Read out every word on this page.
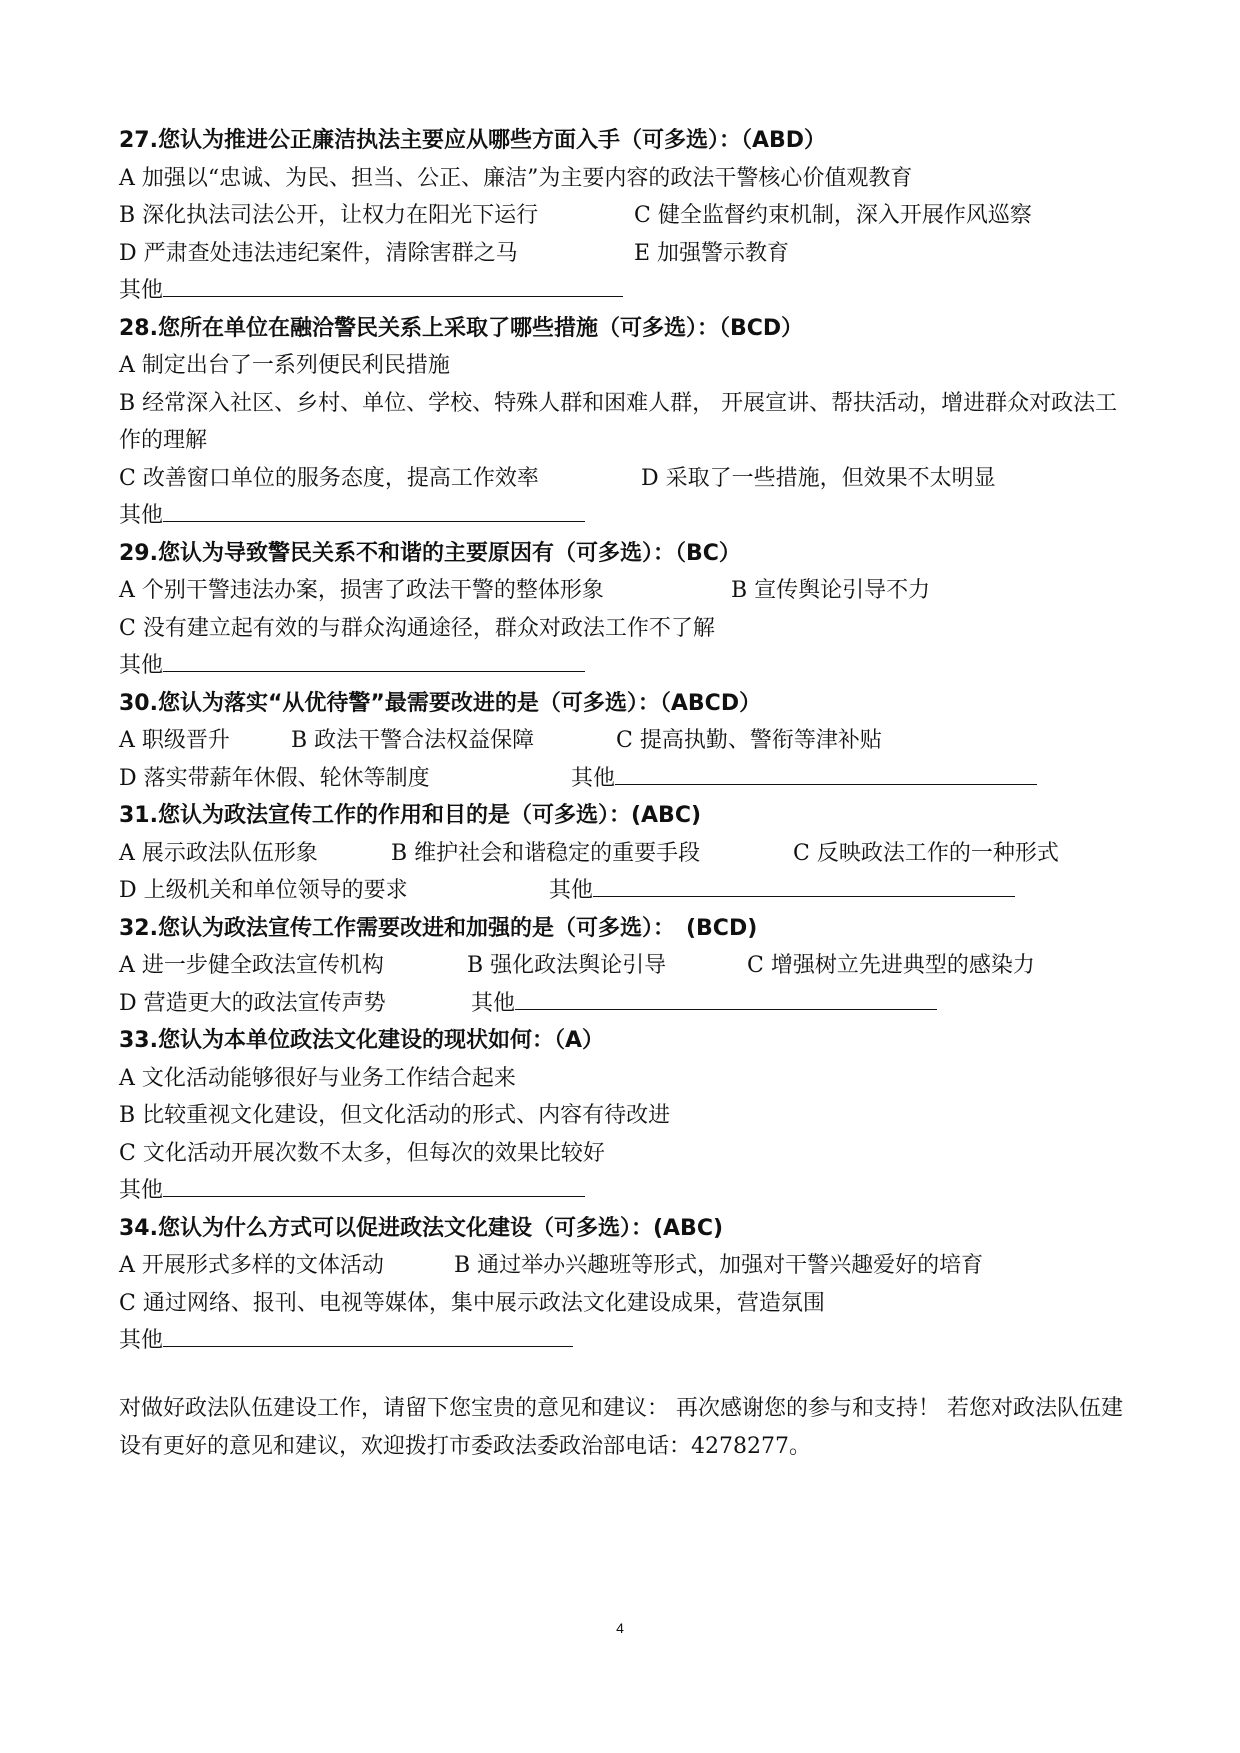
27.您认为推进公正廉洁执法主要应从哪些方面入手（可多选）：（ABD）
A 加强以“忠诚、为民、担当、公正、廉洁”为主要内容的政法干警核心价值观教育
B 深化执法司法公开，让权力在阳光下运行	C 健全监督约束机制，深入开展作风巡察
D 严肃查处违法违纪案件，清除害群之马	E 加强警示教育
其他
28.您所在单位在融洽警民关系上采取了哪些措施（可多选）：（BCD）
A 制定出台了一系列便民利民措施
B 经常深入社区、乡村、单位、学校、特殊人群和困难人群， 开展宣讲、帮扶活动，增进群众对政法工作的理解
C 改善窗口单位的服务态度，提高工作效率	D 采取了一些措施，但效果不太明显
其他
29.您认为导致警民关系不和谐的主要原因有（可多选）：（BC）
A 个别干警违法办案，损害了政法干警的整体形象	B 宣传舆论引导不力
C 没有建立起有效的与群众沟通途径，群众对政法工作不了解
其他
30.您认为落实“从优待警”最需要改进的是（可多选）：（ABCD）
A 职级晋升	B 政法干警合法权益保障	C 提高执勤、警衔等津补贴
D 落实带薪年休假、轮休等制度	其他
31.您认为政法宣传工作的作用和目的是（可多选）：(ABC)
A 展示政法队伍形象	B 维护社会和谐稳定的重要手段	C 反映政法工作的一种形式
D 上级机关和单位领导的要求	其他
32.您认为政法宣传工作需要改进和加强的是（可多选）：　(BCD)
A 进一步健全政法宣传机构	B 强化政法舆论引导	C 增强树立先进典型的感染力
D 营造更大的政法宣传声势	其他
33.您认为本单位政法文化建设的现状如何：（A）
A 文化活动能够很好与业务工作结合起来
B 比较重视文化建设，但文化活动的形式、内容有待改进
C 文化活动开展次数不太多，但每次的效果比较好
其他
34.您认为什么方式可以促进政法文化建设（可多选）：(ABC)
A 开展形式多样的文体活动	B 通过举办兴趣班等形式，加强对干警兴趣爱好的培育
C 通过网络、报刊、电视等媒体，集中展示政法文化建设成果，营造氛围
其他
对做好政法队伍建设工作，请留下您宝贵的意见和建议： 再次感谢您的参与和支持！ 若您对政法队伍建设有更好的意见和建议，欢迎拨打市委政法委政治部电话：4278277。
4
